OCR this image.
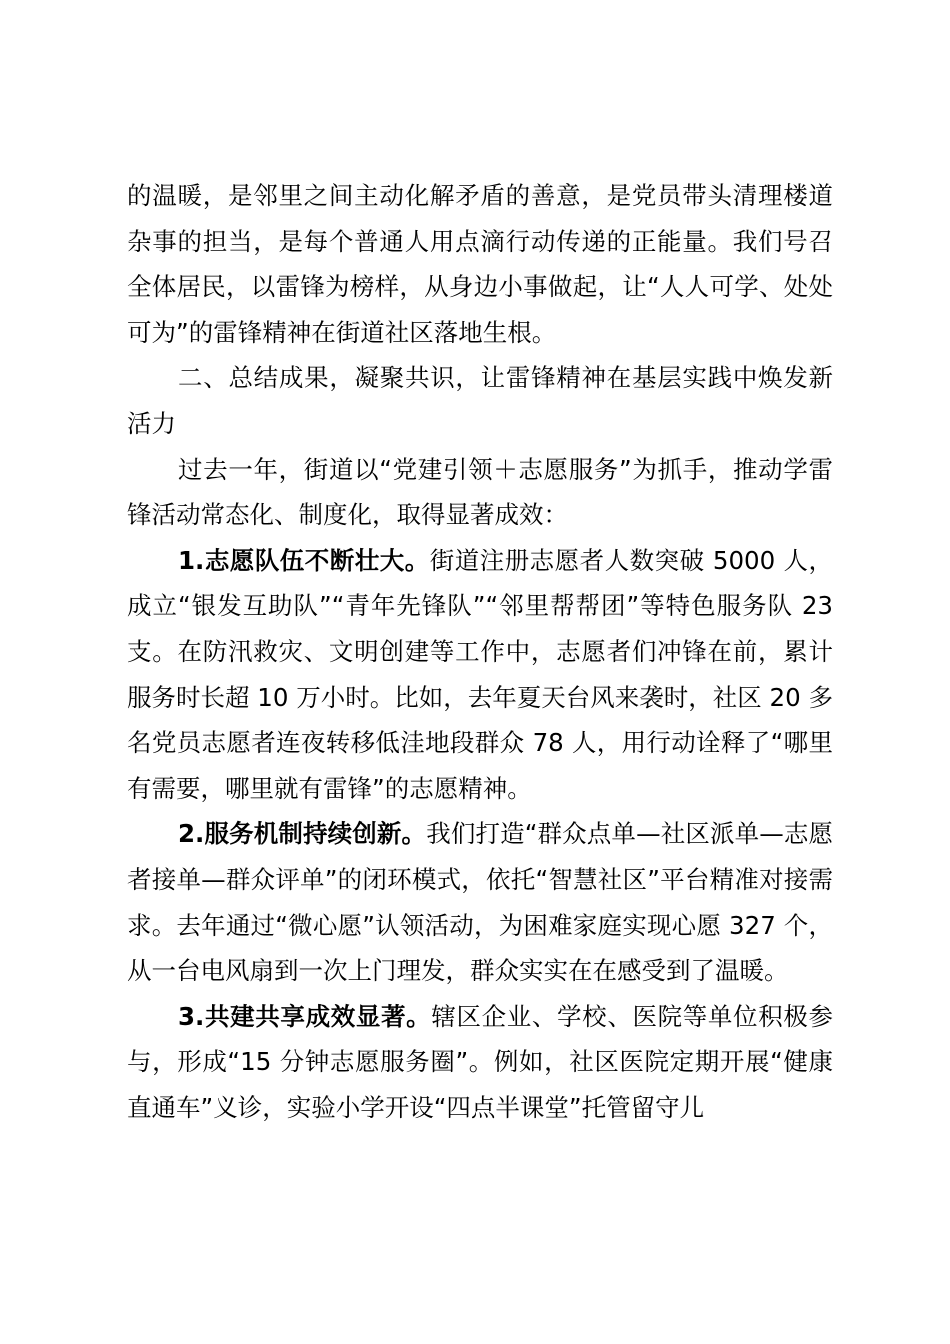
的温暖，是邻里之间主动化解矛盾的善意，是党员带头清理楼道杂事的担当，是每个普通人用点滴行动传递的正能量。我们号召全体居民，以雷锋为榜样，从身边小事做起，让“人人可学、处处可为”的雷锋精神在街道社区落地生根。

二、总结成果，凝聚共识，让雷锋精神在基层实践中焕发新活力

过去一年，街道以“党建引领＋志愿服务”为抓手，推动学雷锋活动常态化、制度化，取得显著成效：

1.志愿队伍不断壮大。街道注册志愿者人数突破 5000 人，成立“银发互助队”“青年先锋队”“邻里帮帮团”等特色服务队 23 支。在防汛救灾、文明创建等工作中，志愿者们冲锋在前，累计服务时长超 10 万小时。比如，去年夏天台风来袭时，社区 20 多名党员志愿者连夜转移低洼地段群众 78 人，用行动诠释了“哪里有需要，哪里就有雷锋”的志愿精神。

2.服务机制持续创新。我们打造“群众点单—社区派单—志愿者接单—群众评单”的闭环模式，依托“智慧社区”平台精准对接需求。去年通过“微心愿”认领活动，为困难家庭实现心愿 327 个，从一台电风扇到一次上门理发，群众实实在在感受到了温暖。

3.共建共享成效显著。辖区企业、学校、医院等单位积极参与，形成“15 分钟志愿服务圈”。例如，社区医院定期开展“健康直通车”义诊，实验小学开设“四点半课堂”托管留守儿
